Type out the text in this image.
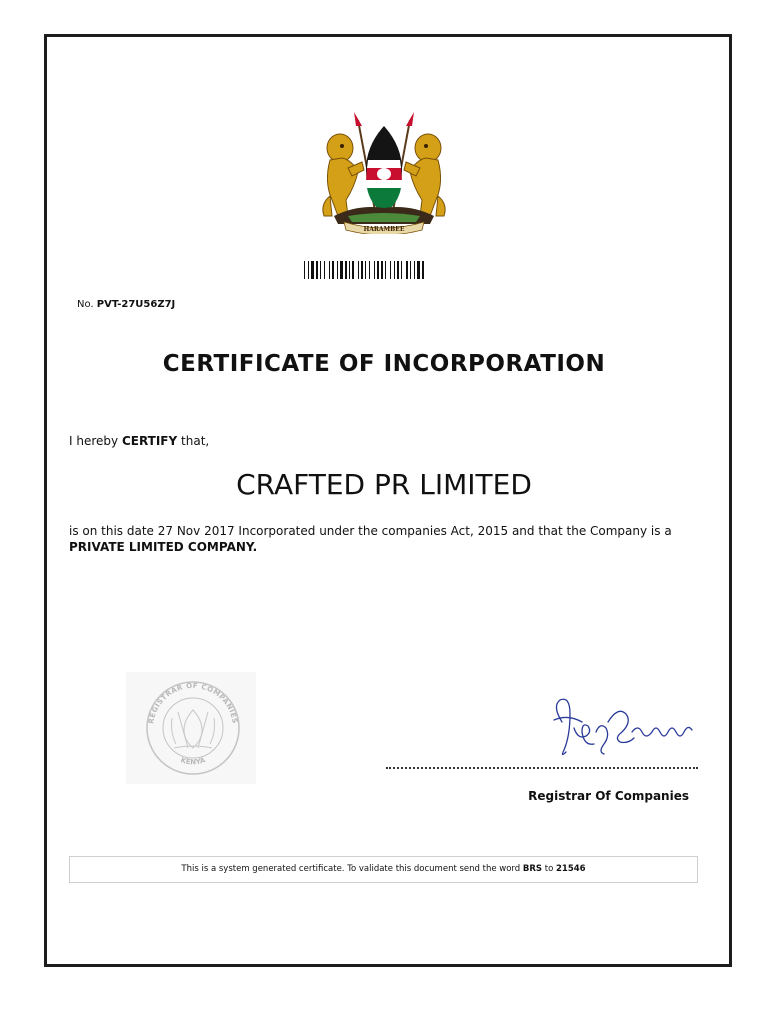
HARAMBEE
No. PVT-27U56Z7J
CERTIFICATE OF INCORPORATION
I hereby CERTIFY that,
CRAFTED PR LIMITED
is on this date 27 Nov 2017 Incorporated under the companies Act, 2015 and that the Company is a
PRIVATE LIMITED COMPANY.
REGISTRAR OF COMPANIES
KENYA
Registrar Of Companies
This is a system generated certificate. To validate this document send the word BRS to 21546
